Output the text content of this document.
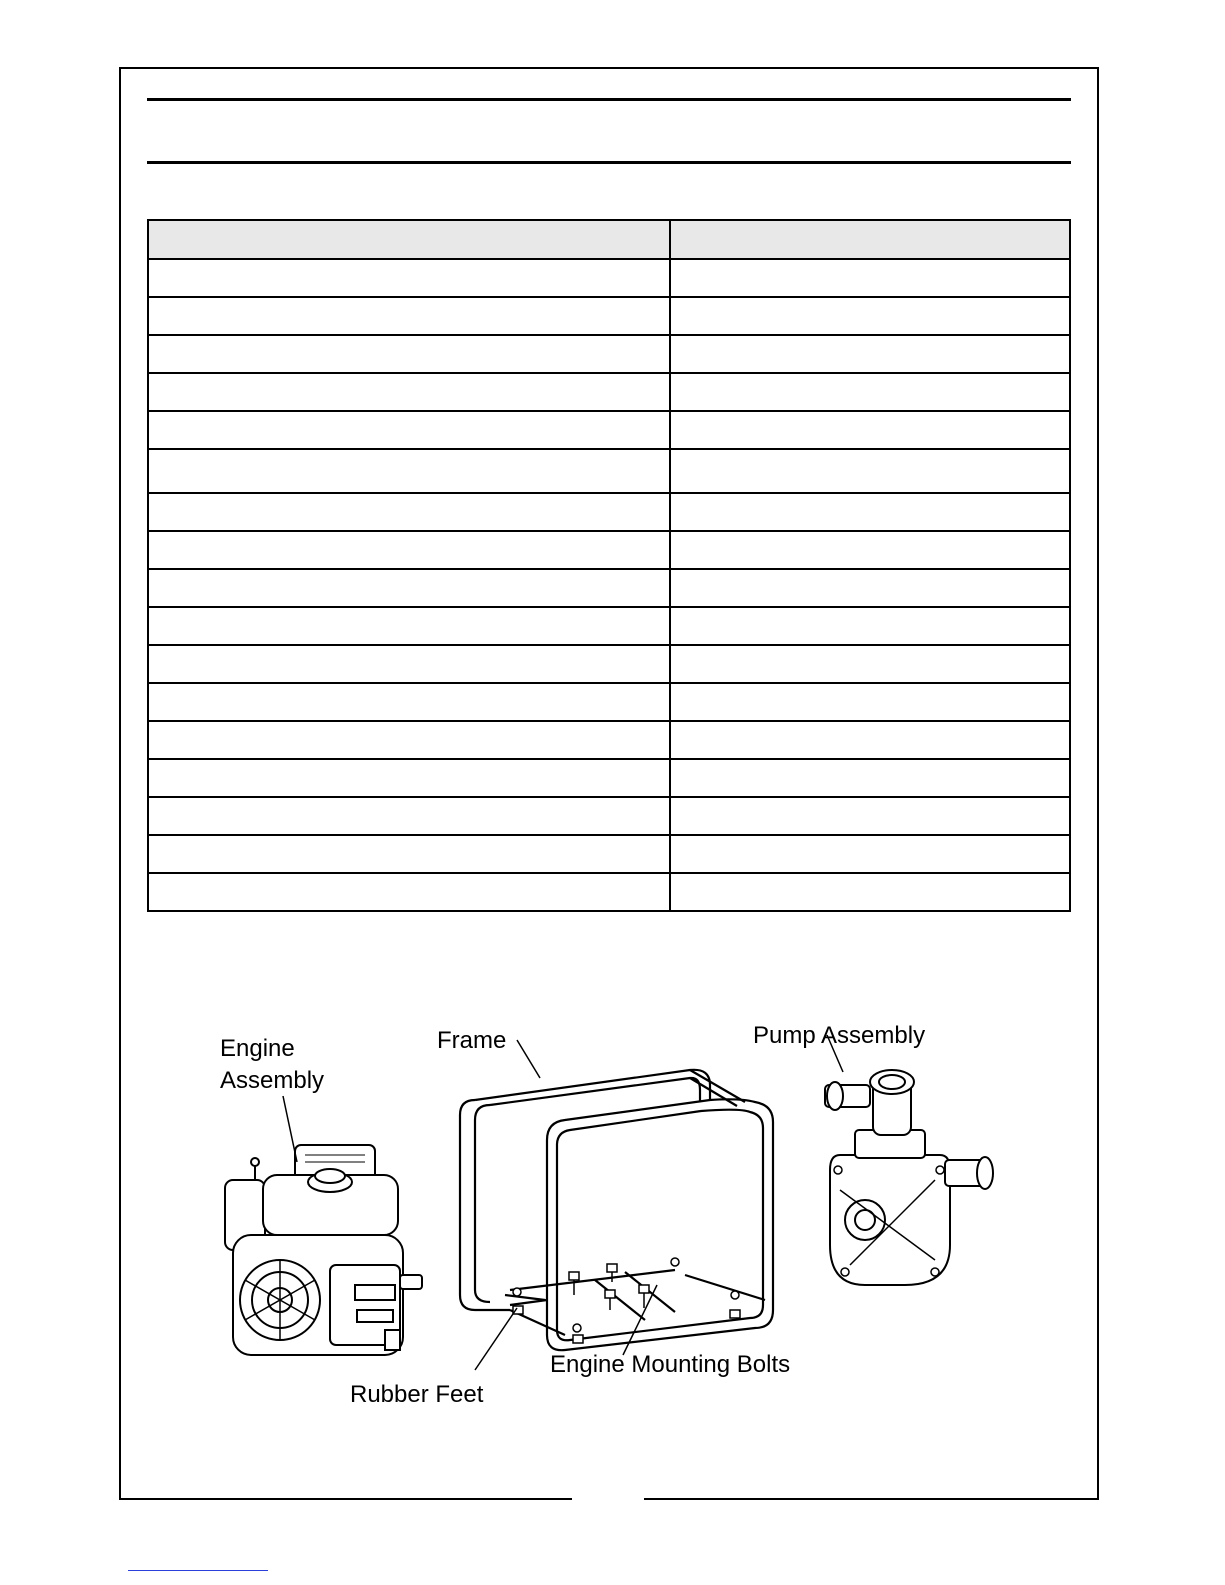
Engine
Assembly
Frame	Pump Assembly
Engine Mounting Bolts
Rubber Feet
